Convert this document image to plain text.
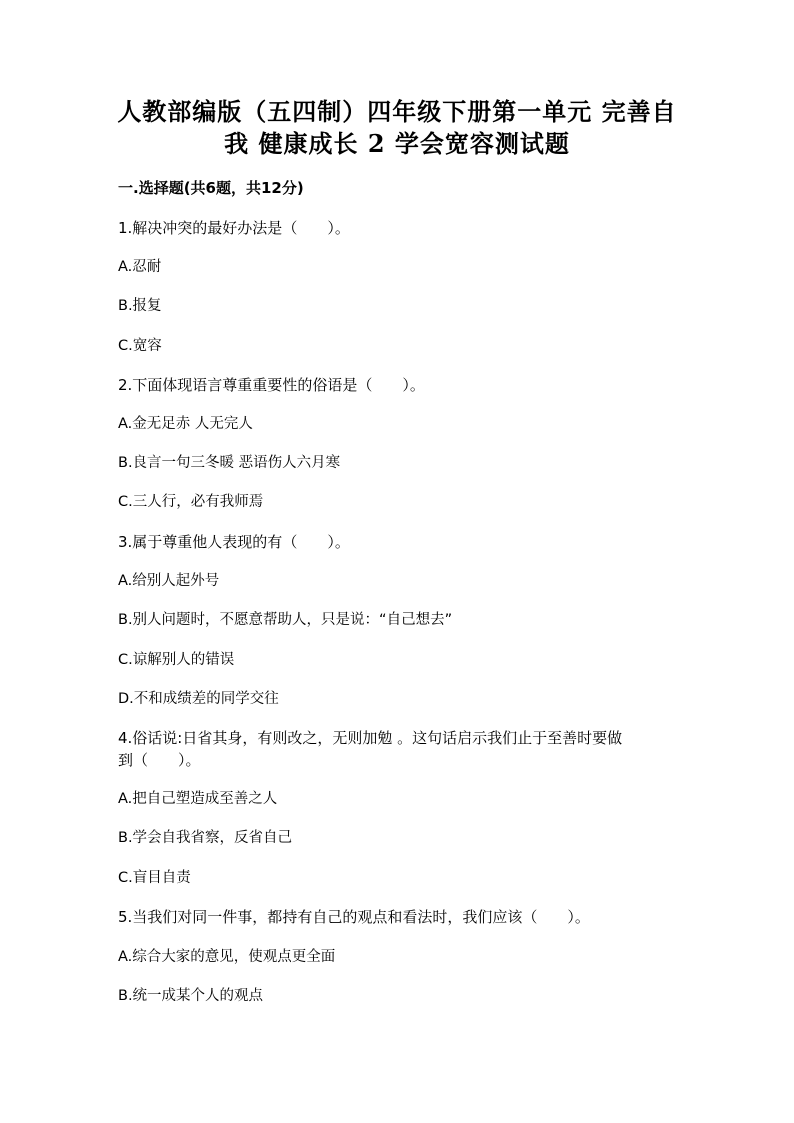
人教部编版（五四制）四年级下册第一单元 完善自
我 健康成长 2 学会宽容测试题
一.选择题(共6题，共12分)
1.解决冲突的最好办法是（　　）。
A.忍耐
B.报复
C.宽容
2.下面体现语言尊重重要性的俗语是（　　）。
A.金无足赤 人无完人
B.良言一句三冬暖 恶语伤人六月寒
C.三人行，必有我师焉
3.属于尊重他人表现的有（　　）。
A.给别人起外号
B.别人问题时，不愿意帮助人，只是说：“自己想去”
C.谅解别人的错误
D.不和成绩差的同学交往
4.俗话说:日省其身，有则改之，无则加勉 。这句话启示我们止于至善时要做
到（　　）。
A.把自己塑造成至善之人
B.学会自我省察，反省自己
C.盲目自责
5.当我们对同一件事，都持有自己的观点和看法时，我们应该（　　）。
A.综合大家的意见，使观点更全面
B.统一成某个人的观点
